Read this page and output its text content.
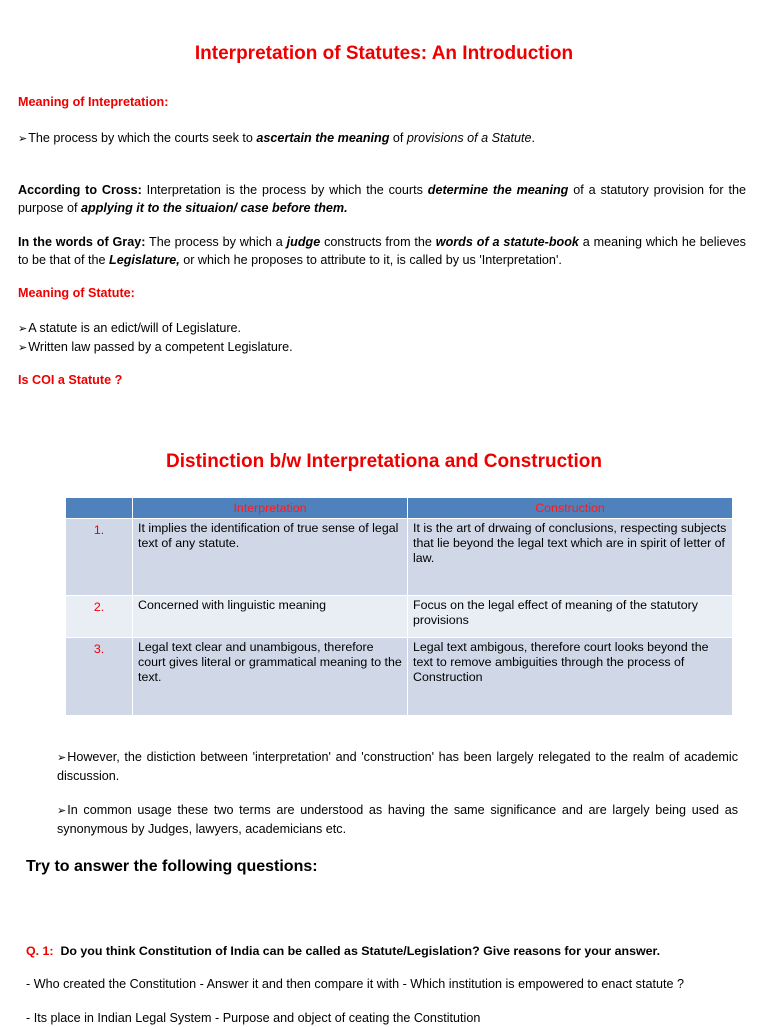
Interpretation of Statutes: An Introduction
Meaning of Intepretation:
➢ The process by which the courts seek to ascertain the meaning of provisions of a Statute.
According to Cross: Interpretation is the process by which the courts determine the meaning of a statutory provision for the purpose of applying it to the situaion/ case before them.
In the words of Gray: The process by which a judge constructs from the words of a statute-book a meaning which he believes to be that of the Legislature, or which he proposes to attribute to it, is called by us 'Interpretation'.
Meaning of Statute:
➢ A statute is an edict/will of Legislature.
➢ Written law passed by a competent Legislature.
Is COI a Statute ?
Distinction b/w Interpretationa and Construction
	Interpretation	Construction
1.	It implies the identification of true sense of legal text of any statute.	It is the art of drwaing of conclusions, respecting subjects that lie beyond the legal text which are in spirit of letter of law.
2.	Concerned with linguistic meaning	Focus on the legal effect of meaning of the statutory provisions
3.	Legal text clear and unambigous, therefore court gives literal or grammatical meaning to the text.	Legal text ambigous, therefore court looks beyond the text to remove ambiguities through the process of Construction
➢ However, the distiction between 'interpretation' and 'construction' has been largely relegated to the realm of academic discussion.
➢ In common usage these two terms are understood as having the same significance and are largely being used as synonymous by Judges, lawyers, academicians etc.
Try to answer the following questions:
Q. 1: Do you think Constitution of India can be called as Statute/Legislation? Give reasons for your answer.
- Who created the Constitution - Answer it and then compare it with - Which institution is empowered to enact statute ?
- Its place in Indian Legal System - Purpose and object of ceating the Constitution
